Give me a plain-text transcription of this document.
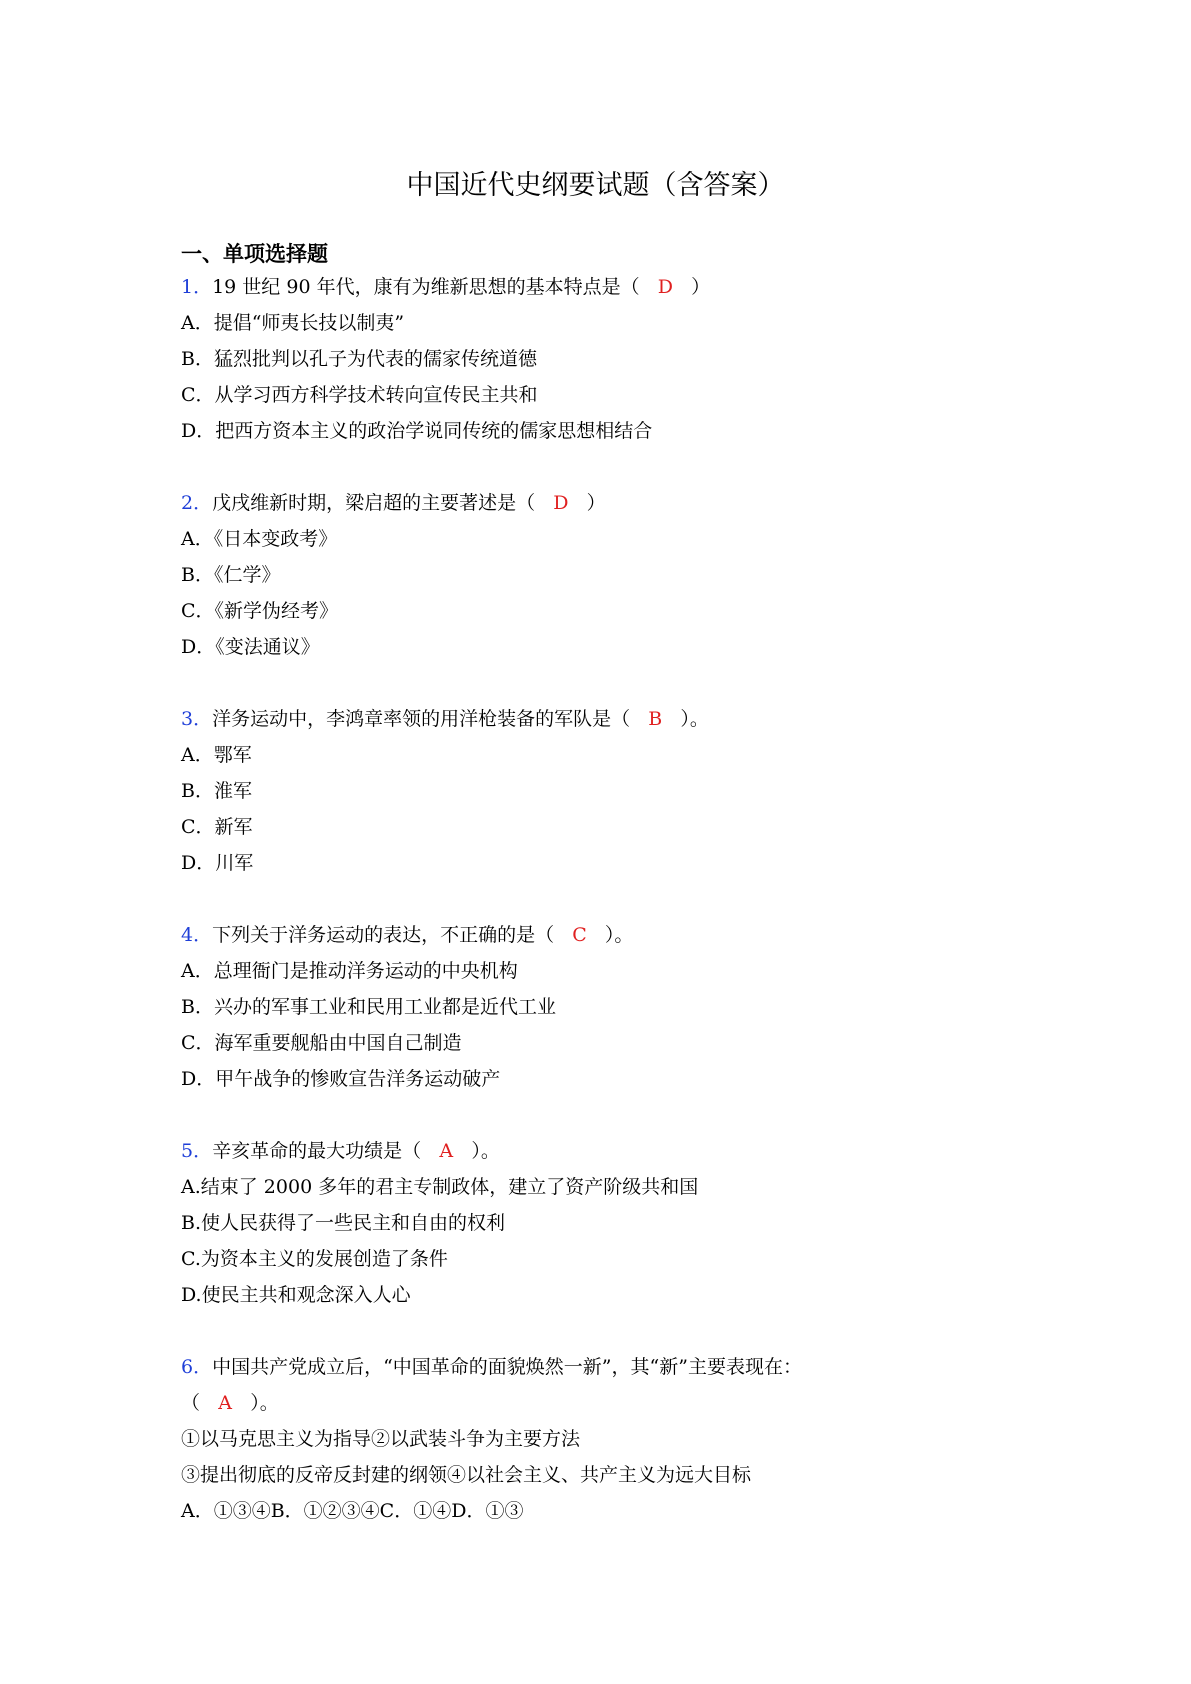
中国近代史纲要试题（含答案）
一、单项选择题
1．19 世纪 90 年代，康有为维新思想的基本特点是（ D ）
A．提倡“师夷长技以制夷”
B．猛烈批判以孔子为代表的儒家传统道德
C．从学习西方科学技术转向宣传民主共和
D．把西方资本主义的政治学说同传统的儒家思想相结合
2．戊戌维新时期，梁启超的主要著述是（ D ）
A．《日本变政考》
B．《仁学》
C．《新学伪经考》
D．《变法通议》
3．洋务运动中，李鸿章率领的用洋枪装备的军队是（ B ）。
A．鄂军
B．淮军
C．新军
D．川军
4．下列关于洋务运动的表达，不正确的是（ C ）。
A．总理衙门是推动洋务运动的中央机构
B．兴办的军事工业和民用工业都是近代工业
C．海军重要舰船由中国自己制造
D．甲午战争的惨败宣告洋务运动破产
5．辛亥革命的最大功绩是（ A ）。
A.结束了 2000 多年的君主专制政体，建立了资产阶级共和国
B.使人民获得了一些民主和自由的权利
C.为资本主义的发展创造了条件
D.使民主共和观念深入人心
6．中国共产党成立后，“中国革命的面貌焕然一新”，其“新”主要表现在：
（ A ）。
①以马克思主义为指导②以武装斗争为主要方法
③提出彻底的反帝反封建的纲领④以社会主义、共产主义为远大目标
A．①③④B．①②③④C．①④D．①③
